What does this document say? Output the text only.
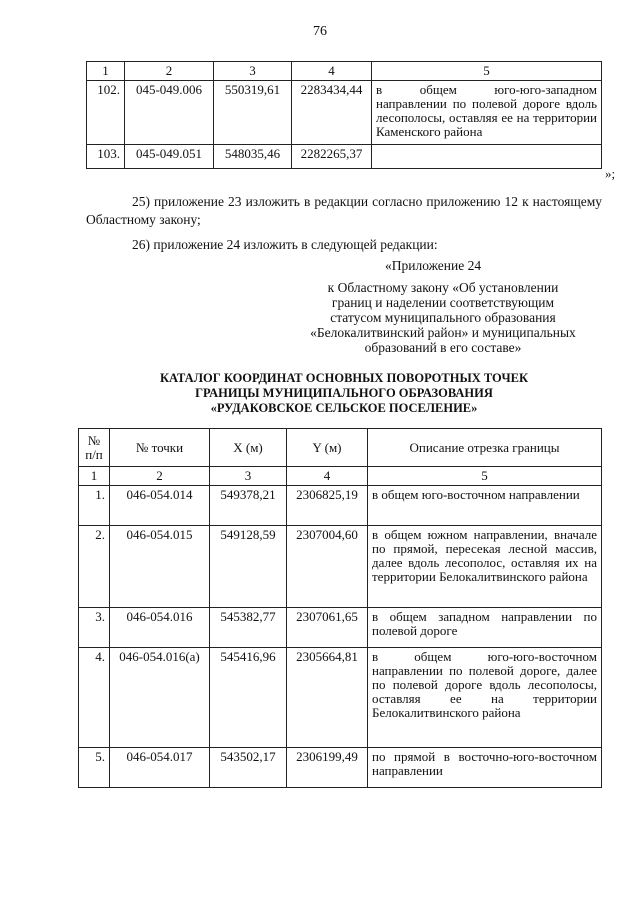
76
1	2	3	4	5
102.	045-049.006	550319,61	2283434,44	в общем юго-юго-западном направлении по полевой дороге вдоль лесополосы, оставляя ее на территории Каменского района
103.	045-049.051	548035,46	2282265,37	
»;
25) приложение 23 изложить в редакции согласно приложению 12 к настоящему Областному закону;
26) приложение 24 изложить в следующей редакции:
«Приложение 24
к Областному закону «Об установлении
границ и наделении соответствующим
статусом муниципального образования
«Белокалитвинский район» и муниципальных
образований в его составе»
КАТАЛОГ КООРДИНАТ ОСНОВНЫХ ПОВОРОТНЫХ ТОЧЕК
ГРАНИЦЫ МУНИЦИПАЛЬНОГО ОБРАЗОВАНИЯ
«РУДАКОВСКОЕ СЕЛЬСКОЕ ПОСЕЛЕНИЕ»
№ п/п	№ точки	X (м)	Y (м)	Описание отрезка границы
1	2	3	4	5
1.	046-054.014	549378,21	2306825,19	в общем юго-восточном направлении
2.	046-054.015	549128,59	2307004,60	в общем южном направлении, вначале по прямой, пересекая лесной массив, далее вдоль лесополос, оставляя их на территории Белокалитвинского района
3.	046-054.016	545382,77	2307061,65	в общем западном направлении по полевой дороге
4.	046-054.016(а)	545416,96	2305664,81	в общем юго-юго-восточном направлении по полевой дороге, далее по полевой дороге вдоль лесополосы, оставляя ее на территории Белокалитвинского района
5.	046-054.017	543502,17	2306199,49	по прямой в восточно-юго-восточном направлении
